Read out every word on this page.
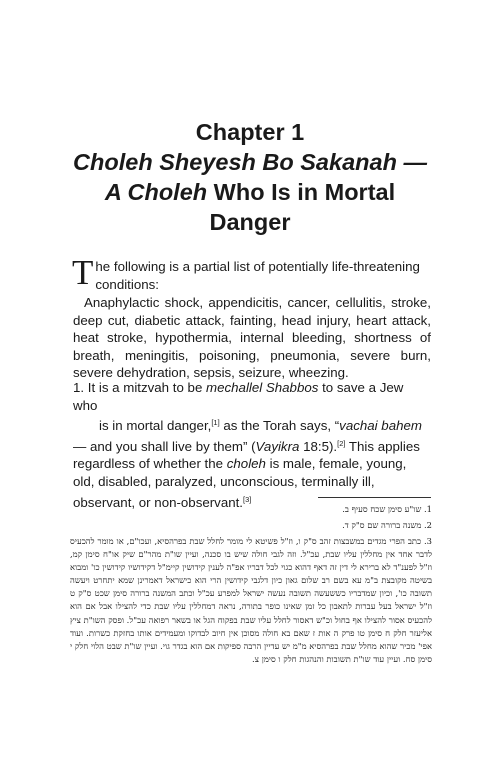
Chapter 1
Choleh Sheyesh Bo Sakanah —
A Choleh Who Is in Mortal Danger
T he following is a partial list of potentially life-threatening
conditions:

Anaphylactic shock, appendicitis, cancer, cellulitis, stroke, deep cut, diabetic attack, fainting, head injury, heart attack, heat stroke, hypothermia, internal bleeding, shortness of breath, meningitis, poisoning, pneumonia, severe burn, severe dehydration, sepsis, seizure, wheezing.

1. It is a mitzvah to be mechallel Shabbos to save a Jew who

is in mortal danger,[1] as the Torah says, “vachai bahem

— and you shall live by them” (Vayikra 18:5).[2] This applies regardless of whether the choleh is male, female, young, old, disabled, paralyzed, unconscious, terminally ill, observant, or non-observant.[3]

1. שו"ע סימן שכח סעיף ב.
2. משנה ברורה שם ס"ק ד.
3. כתב הפרי מגדים במשבצות זהב ס"ק ו, וז"ל פשיטא לי מומר לחלל שבת בפרהסיא, ועכו"ם, או מומר להכעיס לדבר אחד אין מחללין עליו שבת, עכ"ל. וזה לגבי חולה שיש בו סכנה, ועיין שו"ת מהר"ם שיק או"ח סימן קמ, וז"ל לפענ"ד לא ברירא לי דין זה דאף דהוא כגוי לכל דבריו אפ"ה לענין קידושין קיימ"ל דקידושיו קידושין כו' ומבוא בשיטה מקובצת ב"מ עא בשם רב שלום גאון כיון דלגבי קידושין הרי הוא כישראל דאמרינן שמא יתחרט ויעשה תשובה כו', וכיון שמדבריו כששעשה תשובה נעשה ישראל למפרע עכ"ל וכתב המשנה ברורה סימן שכט ס"ק ט וז"ל ישראל בעל עברות לתאבון כל זמן שאינו כופר בתורה, נראה דמחללין עליו שבת כדי להצילו אבל אם הוא להכעיס אסור להצילו אף בחול וכ"ש דאסור לחלל עליו שבת בפקוח הגל או בשאר רפואה עכ"ל. ופסק השו"ת ציץ אליעזר חלק ח סימן טו פרק ה אות ז שאם בא חולה מסוכן אין חיוב לבדוקו ומעמידים אותו בחזקת כשרות. ועוד אפי' מכיר שהוא מחלל שבת בפרהסיא מ"מ יש עדיין הרבה ספיקות אם הוא בגדר גוי. ועיין שו"ת שבט הלוי חלק י סימן סח. ועיין עוד שו"ת תשובות והנהגות חלק ו סימן צ.
